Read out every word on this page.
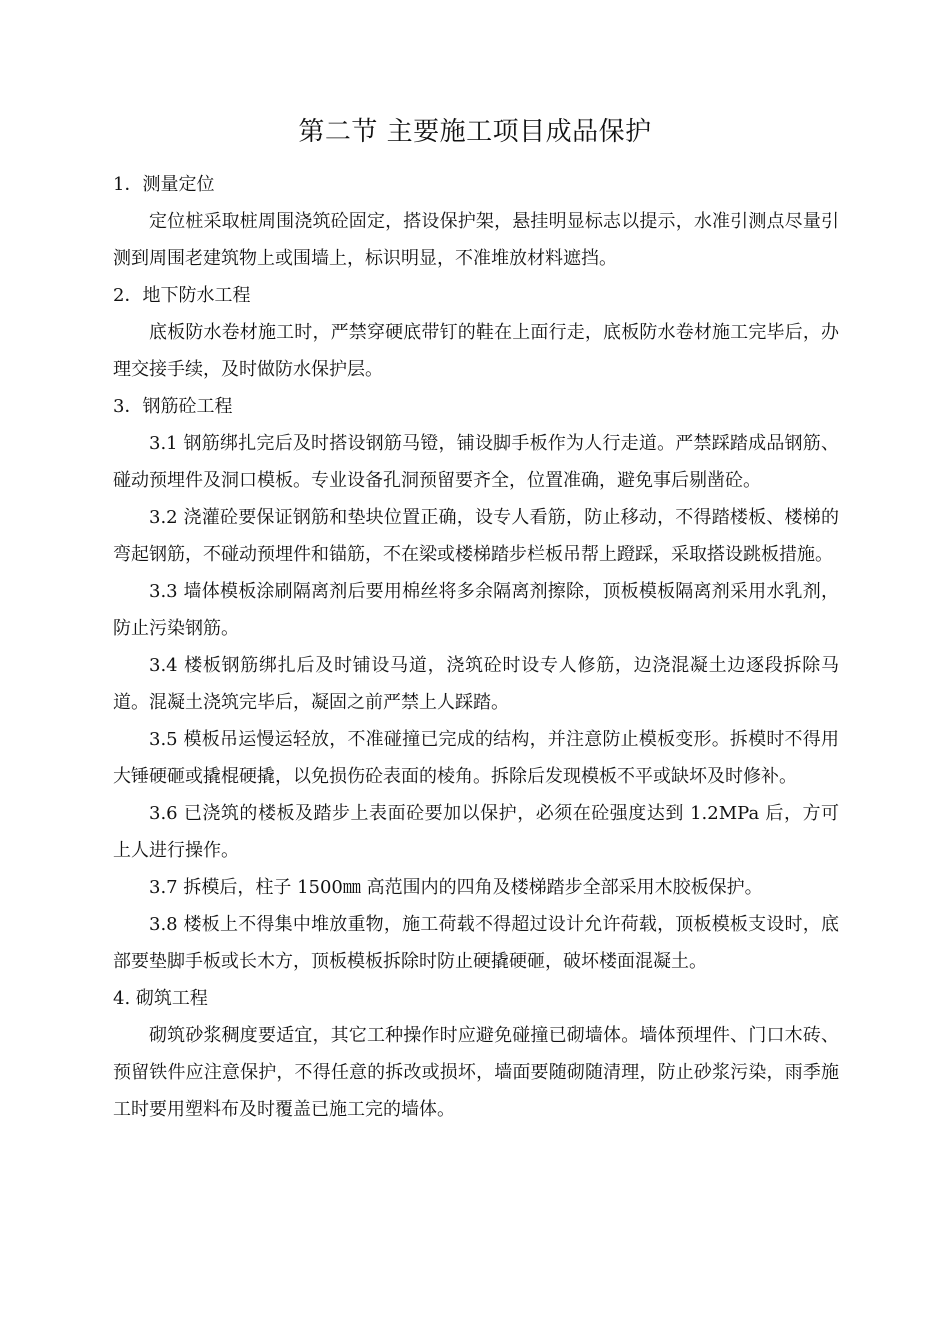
第二节 主要施工项目成品保护

1．测量定位

定位桩采取桩周围浇筑砼固定，搭设保护架，悬挂明显标志以提示，水准引测点尽量引测到周围老建筑物上或围墙上，标识明显，不准堆放材料遮挡。

2．地下防水工程

底板防水卷材施工时，严禁穿硬底带钉的鞋在上面行走，底板防水卷材施工完毕后，办理交接手续，及时做防水保护层。

3．钢筋砼工程

3.1 钢筋绑扎完后及时搭设钢筋马镫，铺设脚手板作为人行走道。严禁踩踏成品钢筋、碰动预埋件及洞口模板。专业设备孔洞预留要齐全，位置准确，避免事后剔凿砼。

3.2 浇灌砼要保证钢筋和垫块位置正确，设专人看筋，防止移动，不得踏楼板、楼梯的弯起钢筋，不碰动预埋件和锚筋，不在梁或楼梯踏步栏板吊帮上蹬踩，采取搭设跳板措施。

3.3 墙体模板涂刷隔离剂后要用棉丝将多余隔离剂擦除，顶板模板隔离剂采用水乳剂，防止污染钢筋。

3.4 楼板钢筋绑扎后及时铺设马道，浇筑砼时设专人修筋，边浇混凝土边逐段拆除马道。混凝土浇筑完毕后，凝固之前严禁上人踩踏。

3.5 模板吊运慢运轻放，不准碰撞已完成的结构，并注意防止模板变形。拆模时不得用大锤硬砸或撬棍硬撬，以免损伤砼表面的棱角。拆除后发现模板不平或缺坏及时修补。

3.6 已浇筑的楼板及踏步上表面砼要加以保护，必须在砼强度达到 1.2MPa 后，方可上人进行操作。

3.7 拆模后，柱子 1500㎜ 高范围内的四角及楼梯踏步全部采用木胶板保护。

3.8 楼板上不得集中堆放重物，施工荷载不得超过设计允许荷载，顶板模板支设时，底部要垫脚手板或长木方，顶板模板拆除时防止硬撬硬砸，破坏楼面混凝土。

4. 砌筑工程

砌筑砂浆稠度要适宜，其它工种操作时应避免碰撞已砌墙体。墙体预埋件、门口木砖、预留铁件应注意保护，不得任意的拆改或损坏，墙面要随砌随清理，防止砂浆污染，雨季施工时要用塑料布及时覆盖已施工完的墙体。
